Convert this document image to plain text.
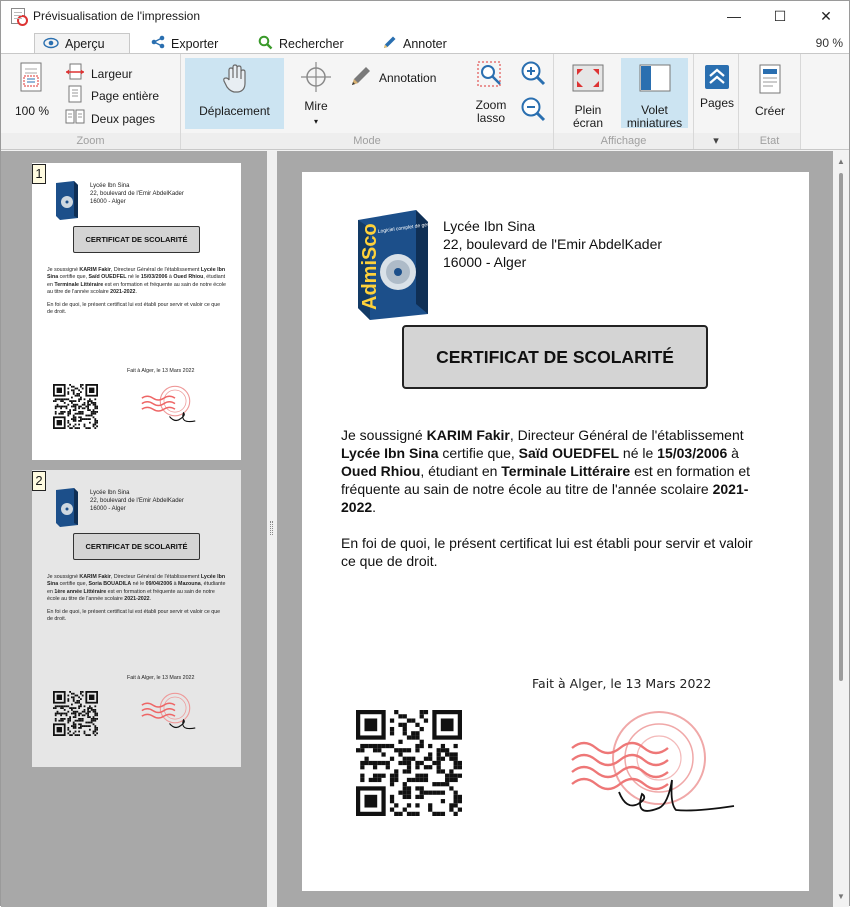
Prévisualisation de l'impression	—	☐	✕
Aperçu	Exporter	Rechercher	Annoter	90 %
100 %
Largeur
Page entière
Deux pages
Zoom
Déplacement	Mire
▾
Annotation
Zoom
lasso
Mode
Plein
écran
Volet
miniatures
Affichage
Pages
▾
Créer
Etat
1
Lycée Ibn Sina
22, boulevard de l'Emir AbdelKader
16000 - Alger
CERTIFICAT DE SCOLARITÉ
Je soussigné KARIM Fakir, Directeur Général de l'établissement Lycée Ibn Sina certifie que, Saïd OUEDFEL né le 15/03/2006 à Oued Rhiou, étudiant en Terminale Littéraire est en formation et fréquente au sain de notre école au titre de l'année scolaire 2021-2022.
En foi de quoi, le présent certificat lui est établi pour servir et valoir ce que de droit.
Fait à Alger, le 13 Mars 2022
2
Lycée Ibn Sina
22, boulevard de l'Emir AbdelKader
16000 - Alger
CERTIFICAT DE SCOLARITÉ
Je soussigné KARIM Fakir, Directeur Général de l'établissement Lycée Ibn Sina certifie que, Soria BOUADILA né le 09/04/2006 à Mazouna, étudiante en 1ère année Littéraire est en formation et fréquente au sain de notre école au titre de l'année scolaire 2021-2022.
En foi de quoi, le présent certificat lui est établi pour servir et valoir ce que de droit.
Fait à Alger, le 13 Mars 2022
AdmiSco
Logiciel complet de gestion scolaire
Lycée Ibn Sina
22, boulevard de l'Emir AbdelKader
16000 - Alger
CERTIFICAT DE SCOLARITÉ

Je soussigné KARIM Fakir, Directeur Général de l'établissement Lycée Ibn Sina certifie que, Saïd OUEDFEL né le 15/03/2006 à Oued Rhiou, étudiant en Terminale Littéraire est en formation et fréquente au sain de notre école au titre de l'année scolaire 2021-2022.

En foi de quoi, le présent certificat lui est établi pour servir et valoir ce que de droit.

Fait à Alger, le 13 Mars 2022
▲
▼
